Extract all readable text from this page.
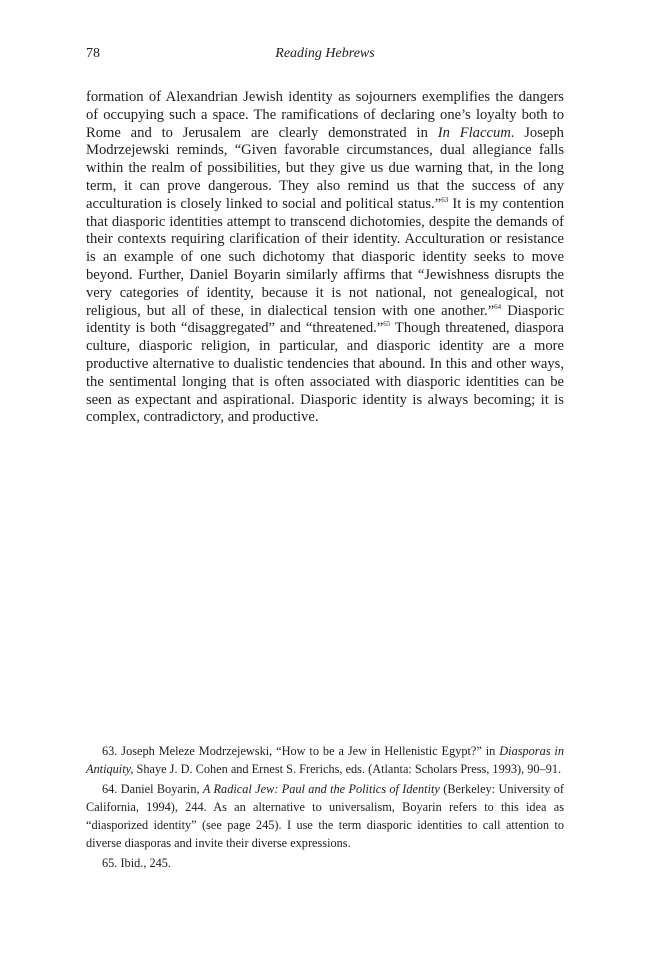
78	Reading Hebrews

formation of Alexandrian Jewish identity as sojourners exemplifies the dangers of occupying such a space. The ramifications of declaring one’s loyalty both to Rome and to Jerusalem are clearly demonstrated in In Flaccum. Joseph Modrzejewski reminds, “Given favorable circumstances, dual allegiance falls within the realm of possibilities, but they give us due warning that, in the long term, it can prove dangerous. They also remind us that the success of any acculturation is closely linked to social and political status.”$^{63}$ It is my contention that diasporic identities attempt to transcend dichotomies, despite the demands of their contexts requiring clarification of their identity. Acculturation or resistance is an example of one such dichotomy that diasporic identity seeks to move beyond. Further, Daniel Boyarin similarly affirms that “Jewishness disrupts the very categories of identity, because it is not national, not genealogical, not religious, but all of these, in dialectical tension with one another.”$^{64}$ Diasporic identity is both “disaggregated” and “threatened.”$^{65}$ Though threatened, diaspora culture, diasporic religion, in particular, and diasporic identity are a more productive alternative to dualistic tendencies that abound. In this and other ways, the sentimental longing that is often associated with diasporic identities can be seen as expectant and aspirational. Diasporic identity is always becoming; it is complex, contradictory, and productive.

63. Joseph Meleze Modrzejewski, “How to be a Jew in Hellenistic Egypt?” in Diasporas in Antiquity, Shaye J. D. Cohen and Ernest S. Frerichs, eds. (Atlanta: Scholars Press, 1993), 90–91.

64. Daniel Boyarin, A Radical Jew: Paul and the Politics of Identity (Berkeley: University of California, 1994), 244. As an alternative to universalism, Boyarin refers to this idea as “diasporized identity” (see page 245). I use the term diasporic identities to call attention to diverse diasporas and invite their diverse expressions.

65. Ibid., 245.
